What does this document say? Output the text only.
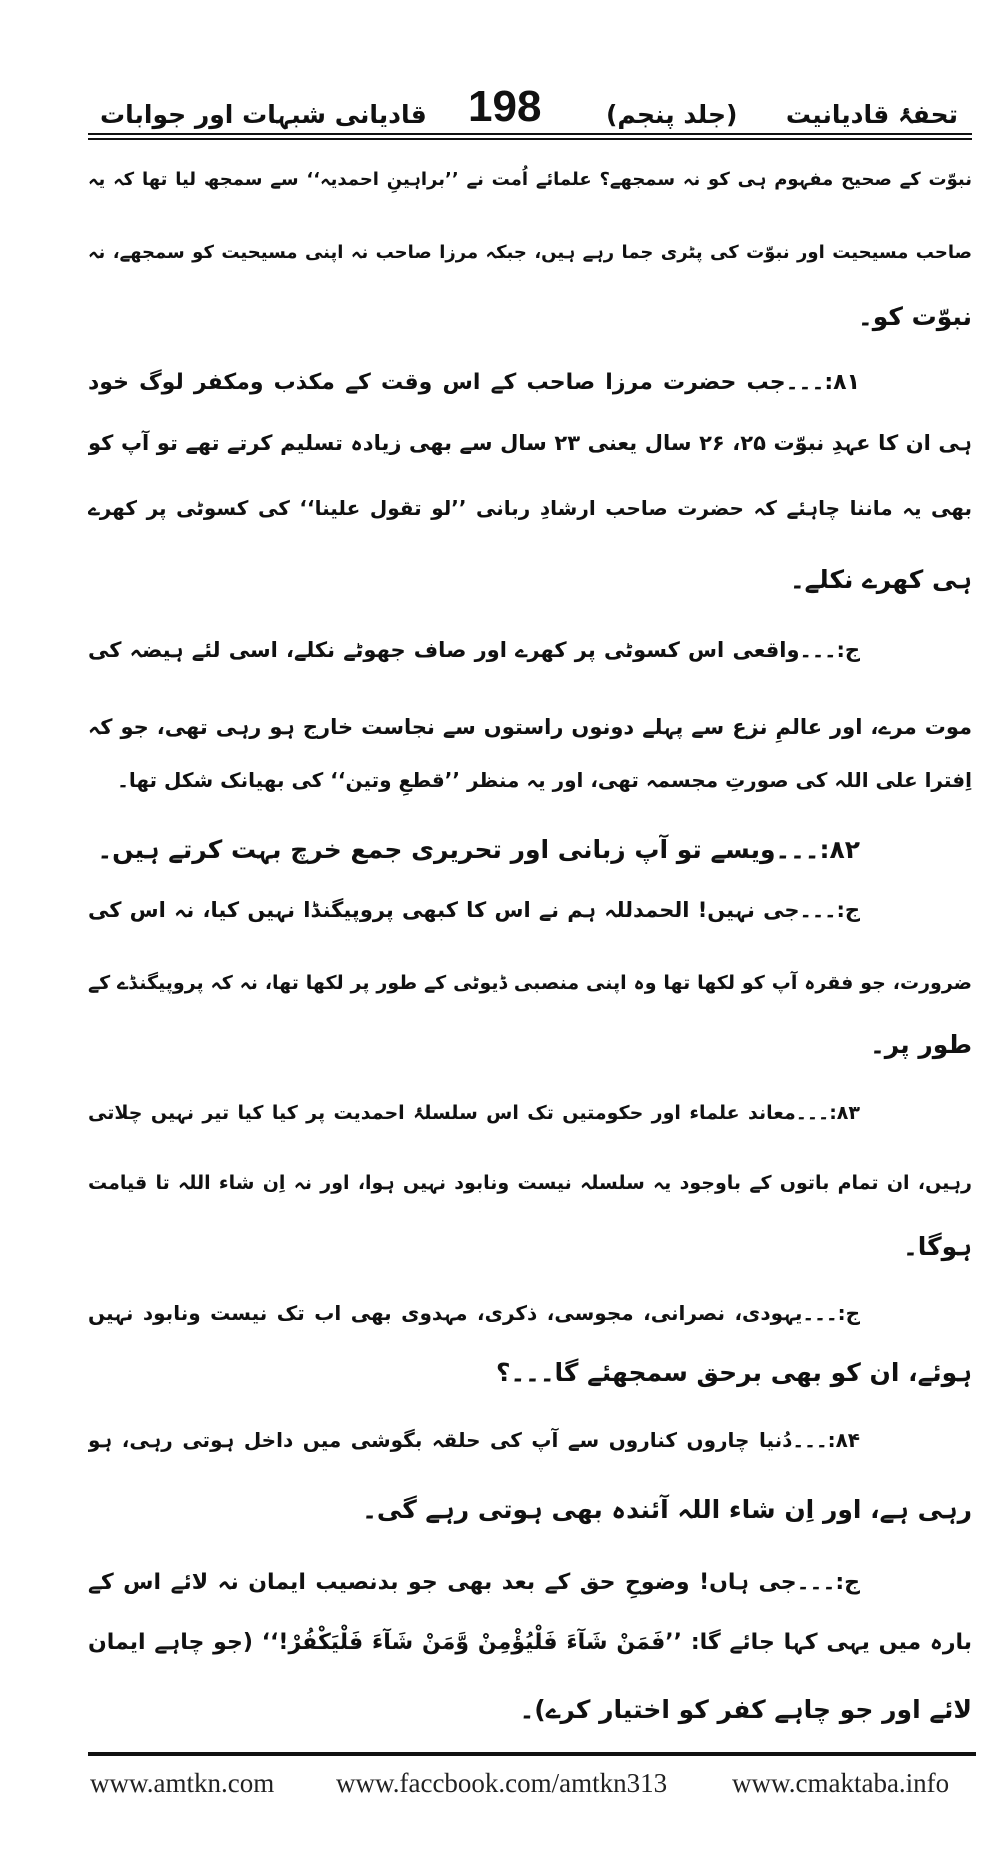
تحفۂ قادیانیت
(جلد پنجم)
198
قادیانی شبہات اور جوابات
نبوّت کے صحیح مفہوم ہی کو نہ سمجھے؟ علمائے اُمت نے ’’براہینِ احمدیہ‘‘ سے سمجھ لیا تھا کہ یہ
صاحب مسیحیت اور نبوّت کی پٹری جما رہے ہیں، جبکہ مرزا صاحب نہ اپنی مسیحیت کو سمجھے، نہ
نبوّت کو۔
۸۱:۔۔۔جب حضرت مرزا صاحب کے اس وقت کے مکذب ومکفر لوگ خود
ہی ان کا عہدِ نبوّت ۲۵، ۲۶ سال یعنی ۲۳ سال سے بھی زیادہ تسلیم کرتے تھے تو آپ کو
بھی یہ ماننا چاہئے کہ حضرت صاحب ارشادِ ربانی ’’لو تقول علینا‘‘ کی کسوٹی پر کھرے
ہی کھرے نکلے۔
ج:۔۔۔واقعی اس کسوٹی پر کھرے اور صاف جھوٹے نکلے، اسی لئے ہیضہ کی
موت مرے، اور عالمِ نزع سے پہلے دونوں راستوں سے نجاست خارج ہو رہی تھی، جو کہ
اِفترا علی اللہ کی صورتِ مجسمہ تھی، اور یہ منظر ’’قطعِ وتین‘‘ کی بھیانک شکل تھا۔
۸۲:۔۔۔ویسے تو آپ زبانی اور تحریری جمع خرچ بہت کرتے ہیں۔
ج:۔۔۔جی نہیں! الحمدللہ ہم نے اس کا کبھی پروپیگنڈا نہیں کیا، نہ اس کی
ضرورت، جو فقرہ آپ کو لکھا تھا وہ اپنی منصبی ڈیوٹی کے طور پر لکھا تھا، نہ کہ پروپیگنڈے کے
طور پر۔
۸۳:۔۔۔معاند علماء اور حکومتیں تک اس سلسلۂ احمدیت پر کیا کیا تیر نہیں چلاتی
رہیں، ان تمام باتوں کے باوجود یہ سلسلہ نیست ونابود نہیں ہوا، اور نہ اِن شاء اللہ تا قیامت
ہوگا۔
ج:۔۔۔یہودی، نصرانی، مجوسی، ذکری، مہدوی بھی اب تک نیست ونابود نہیں
ہوئے، ان کو بھی برحق سمجھئے گا۔۔۔؟
۸۴:۔۔۔دُنیا چاروں کناروں سے آپ کی حلقہ بگوشی میں داخل ہوتی رہی، ہو
رہی ہے، اور اِن شاء اللہ آئندہ بھی ہوتی رہے گی۔
ج:۔۔۔جی ہاں! وضوحِ حق کے بعد بھی جو بدنصیب ایمان نہ لائے اس کے
بارہ میں یہی کہا جائے گا: ’’فَمَنْ شَآءَ فَلْیُؤْمِنْ وَّمَنْ شَآءَ فَلْیَکْفُرْ!‘‘ (جو چاہے ایمان
لائے اور جو چاہے کفر کو اختیار کرے)۔
www.amtkn.com www.faccbook.com/amtkn313 www.cmaktaba.info
